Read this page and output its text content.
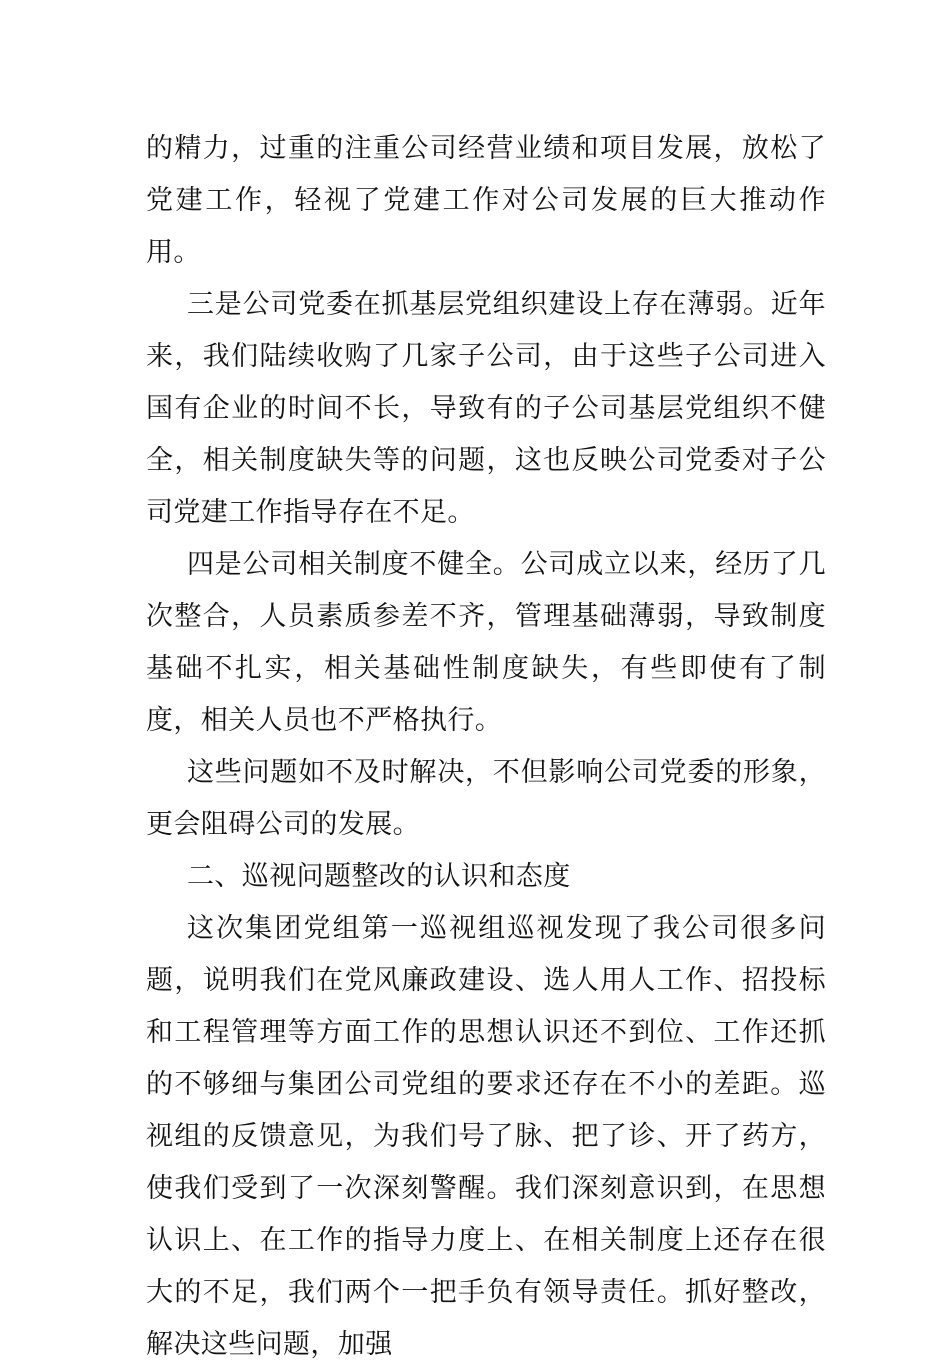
的精力，过重的注重公司经营业绩和项目发展，放松了党建工作，轻视了党建工作对公司发展的巨大推动作用。

三是公司党委在抓基层党组织建设上存在薄弱。近年来，我们陆续收购了几家子公司，由于这些子公司进入国有企业的时间不长，导致有的子公司基层党组织不健全，相关制度缺失等的问题，这也反映公司党委对子公司党建工作指导存在不足。

四是公司相关制度不健全。公司成立以来，经历了几次整合，人员素质参差不齐，管理基础薄弱，导致制度基础不扎实，相关基础性制度缺失，有些即使有了制度，相关人员也不严格执行。

这些问题如不及时解决，不但影响公司党委的形象，更会阻碍公司的发展。

二、巡视问题整改的认识和态度

这次集团党组第一巡视组巡视发现了我公司很多问题，说明我们在党风廉政建设、选人用人工作、招投标和工程管理等方面工作的思想认识还不到位、工作还抓的不够细与集团公司党组的要求还存在不小的差距。巡视组的反馈意见，为我们号了脉、把了诊、开了药方，使我们受到了一次深刻警醒。我们深刻意识到，在思想认识上、在工作的指导力度上、在相关制度上还存在很大的不足，我们两个一把手负有领导责任。抓好整改，解决这些问题，加强
